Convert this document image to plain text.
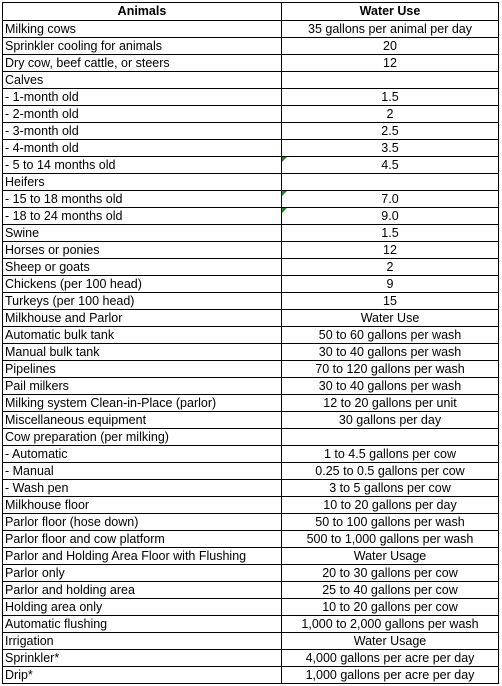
Animals	Water Use
Milking cows	35 gallons per animal per day
Sprinkler cooling for animals	20
Dry cow, beef cattle, or steers	12
Calves	
- 1-month old	1.5
- 2-month old	2
- 3-month old	2.5
- 4-month old	3.5
- 5 to 14 months old	4.5

Heifers	
- 15 to 18 months old	7.0

- 18 to 24 months old	9.0

Swine	1.5
Horses or ponies	12
Sheep or goats	2
Chickens (per 100 head)	9
Turkeys (per 100 head)	15
Milkhouse and Parlor	Water Use
Automatic bulk tank	50 to 60 gallons per wash
Manual bulk tank	30 to 40 gallons per wash
Pipelines	70 to 120 gallons per wash
Pail milkers	30 to 40 gallons per wash
Milking system Clean-in-Place (parlor)	12 to 20 gallons per unit
Miscellaneous equipment	30 gallons per day
Cow preparation (per milking)	
- Automatic	1 to 4.5 gallons per cow
- Manual	0.25 to 0.5 gallons per cow
- Wash pen	3 to 5 gallons per cow
Milkhouse floor	10 to 20 gallons per day
Parlor floor (hose down)	50 to 100 gallons per wash
Parlor floor and cow platform	500 to 1,000 gallons per wash
Parlor and Holding Area Floor with Flushing	Water Usage
Parlor only	20 to 30 gallons per cow
Parlor and holding area	25 to 40 gallons per cow
Holding area only	10 to 20 gallons per cow
Automatic flushing	1,000 to 2,000 gallons per wash
Irrigation	Water Usage
Sprinkler*	4,000 gallons per acre per day
Drip*	1,000 gallons per acre per day
